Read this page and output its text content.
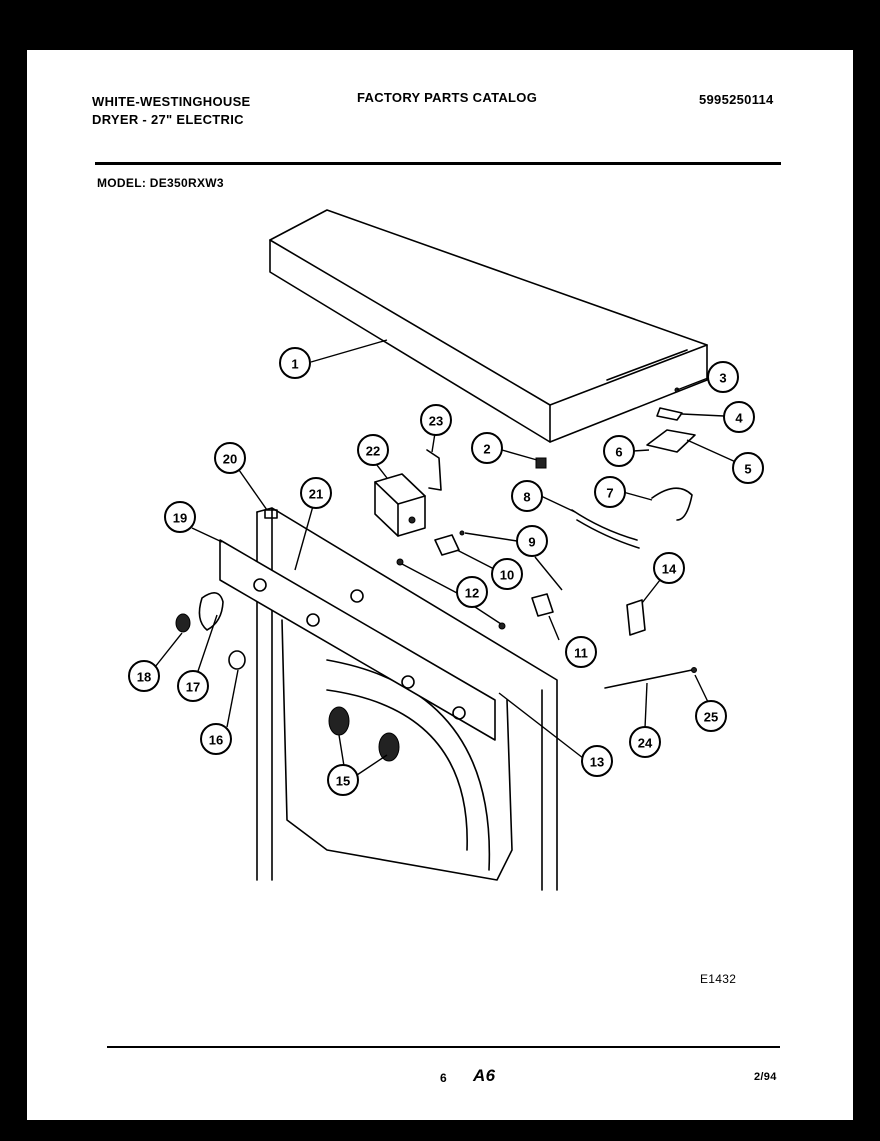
WHITE-WESTINGHOUSE
DRYER - 27" ELECTRIC
FACTORY PARTS CATALOG	5995250114
MODEL: DE350RXW3
1
2
3
4
5
6
7
8
9
10
11
12
13
14
15
16
17
18
19
20
21
22
23
24
25
E1432
6 A6	2/94
